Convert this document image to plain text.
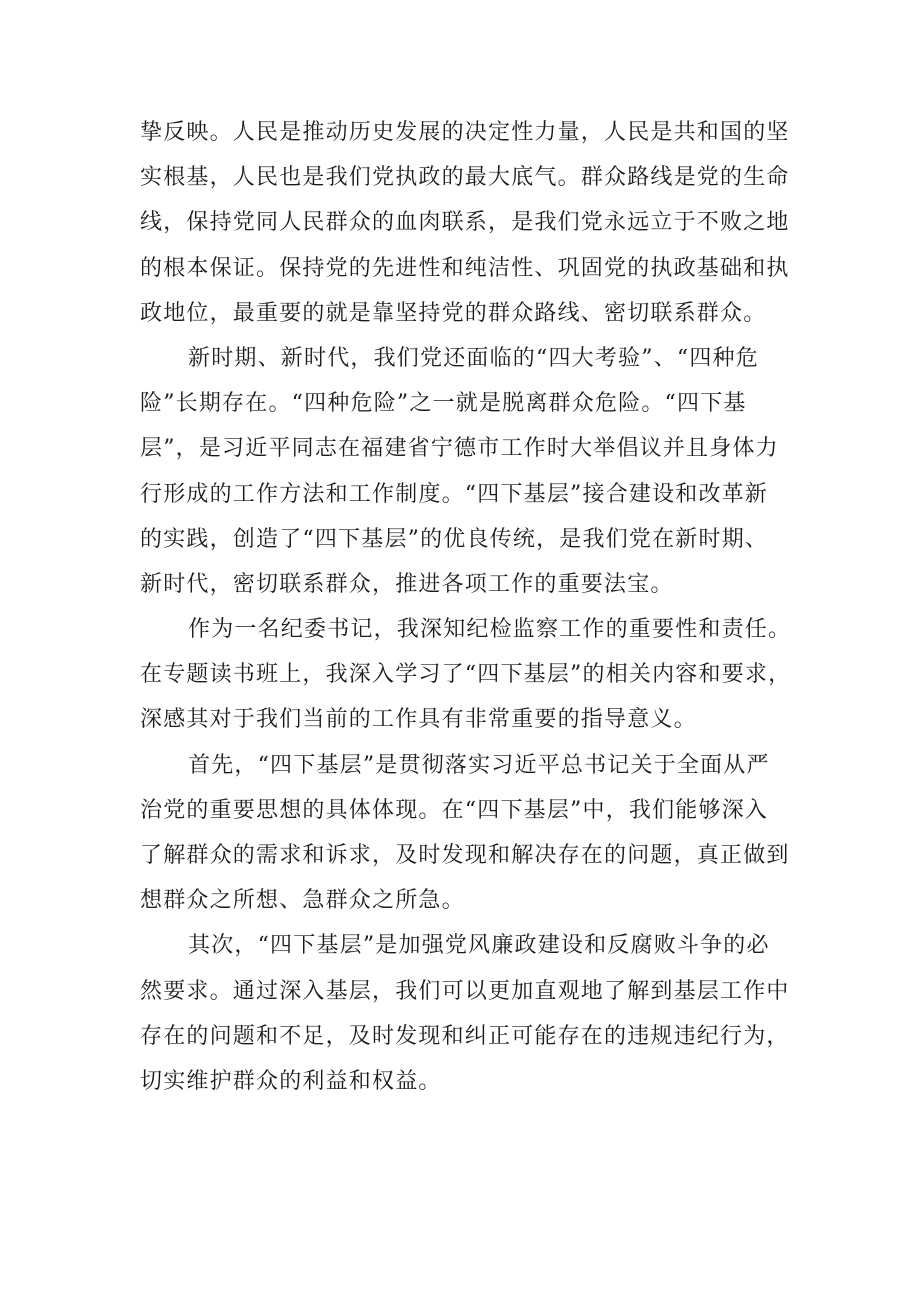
挚反映。人民是推动历史发展的决定性力量，人民是共和国的坚
实根基，人民也是我们党执政的最大底气。群众路线是党的生命
线，保持党同人民群众的血肉联系，是我们党永远立于不败之地
的根本保证。保持党的先进性和纯洁性、巩固党的执政基础和执
政地位，最重要的就是靠坚持党的群众路线、密切联系群众。
新时期、新时代，我们党还面临的“四大考验”、“四种危
险”长期存在。“四种危险”之一就是脱离群众危险。“四下基
层”，是习近平同志在福建省宁德市工作时大举倡议并且身体力
行形成的工作方法和工作制度。“四下基层”接合建设和改革新
的实践，创造了“四下基层”的优良传统，是我们党在新时期、
新时代，密切联系群众，推进各项工作的重要法宝。
作为一名纪委书记，我深知纪检监察工作的重要性和责任。
在专题读书班上，我深入学习了“四下基层”的相关内容和要求，
深感其对于我们当前的工作具有非常重要的指导意义。
首先，“四下基层”是贯彻落实习近平总书记关于全面从严
治党的重要思想的具体体现。在“四下基层”中，我们能够深入
了解群众的需求和诉求，及时发现和解决存在的问题，真正做到
想群众之所想、急群众之所急。
其次，“四下基层”是加强党风廉政建设和反腐败斗争的必
然要求。通过深入基层，我们可以更加直观地了解到基层工作中
存在的问题和不足，及时发现和纠正可能存在的违规违纪行为，
切实维护群众的利益和权益。
